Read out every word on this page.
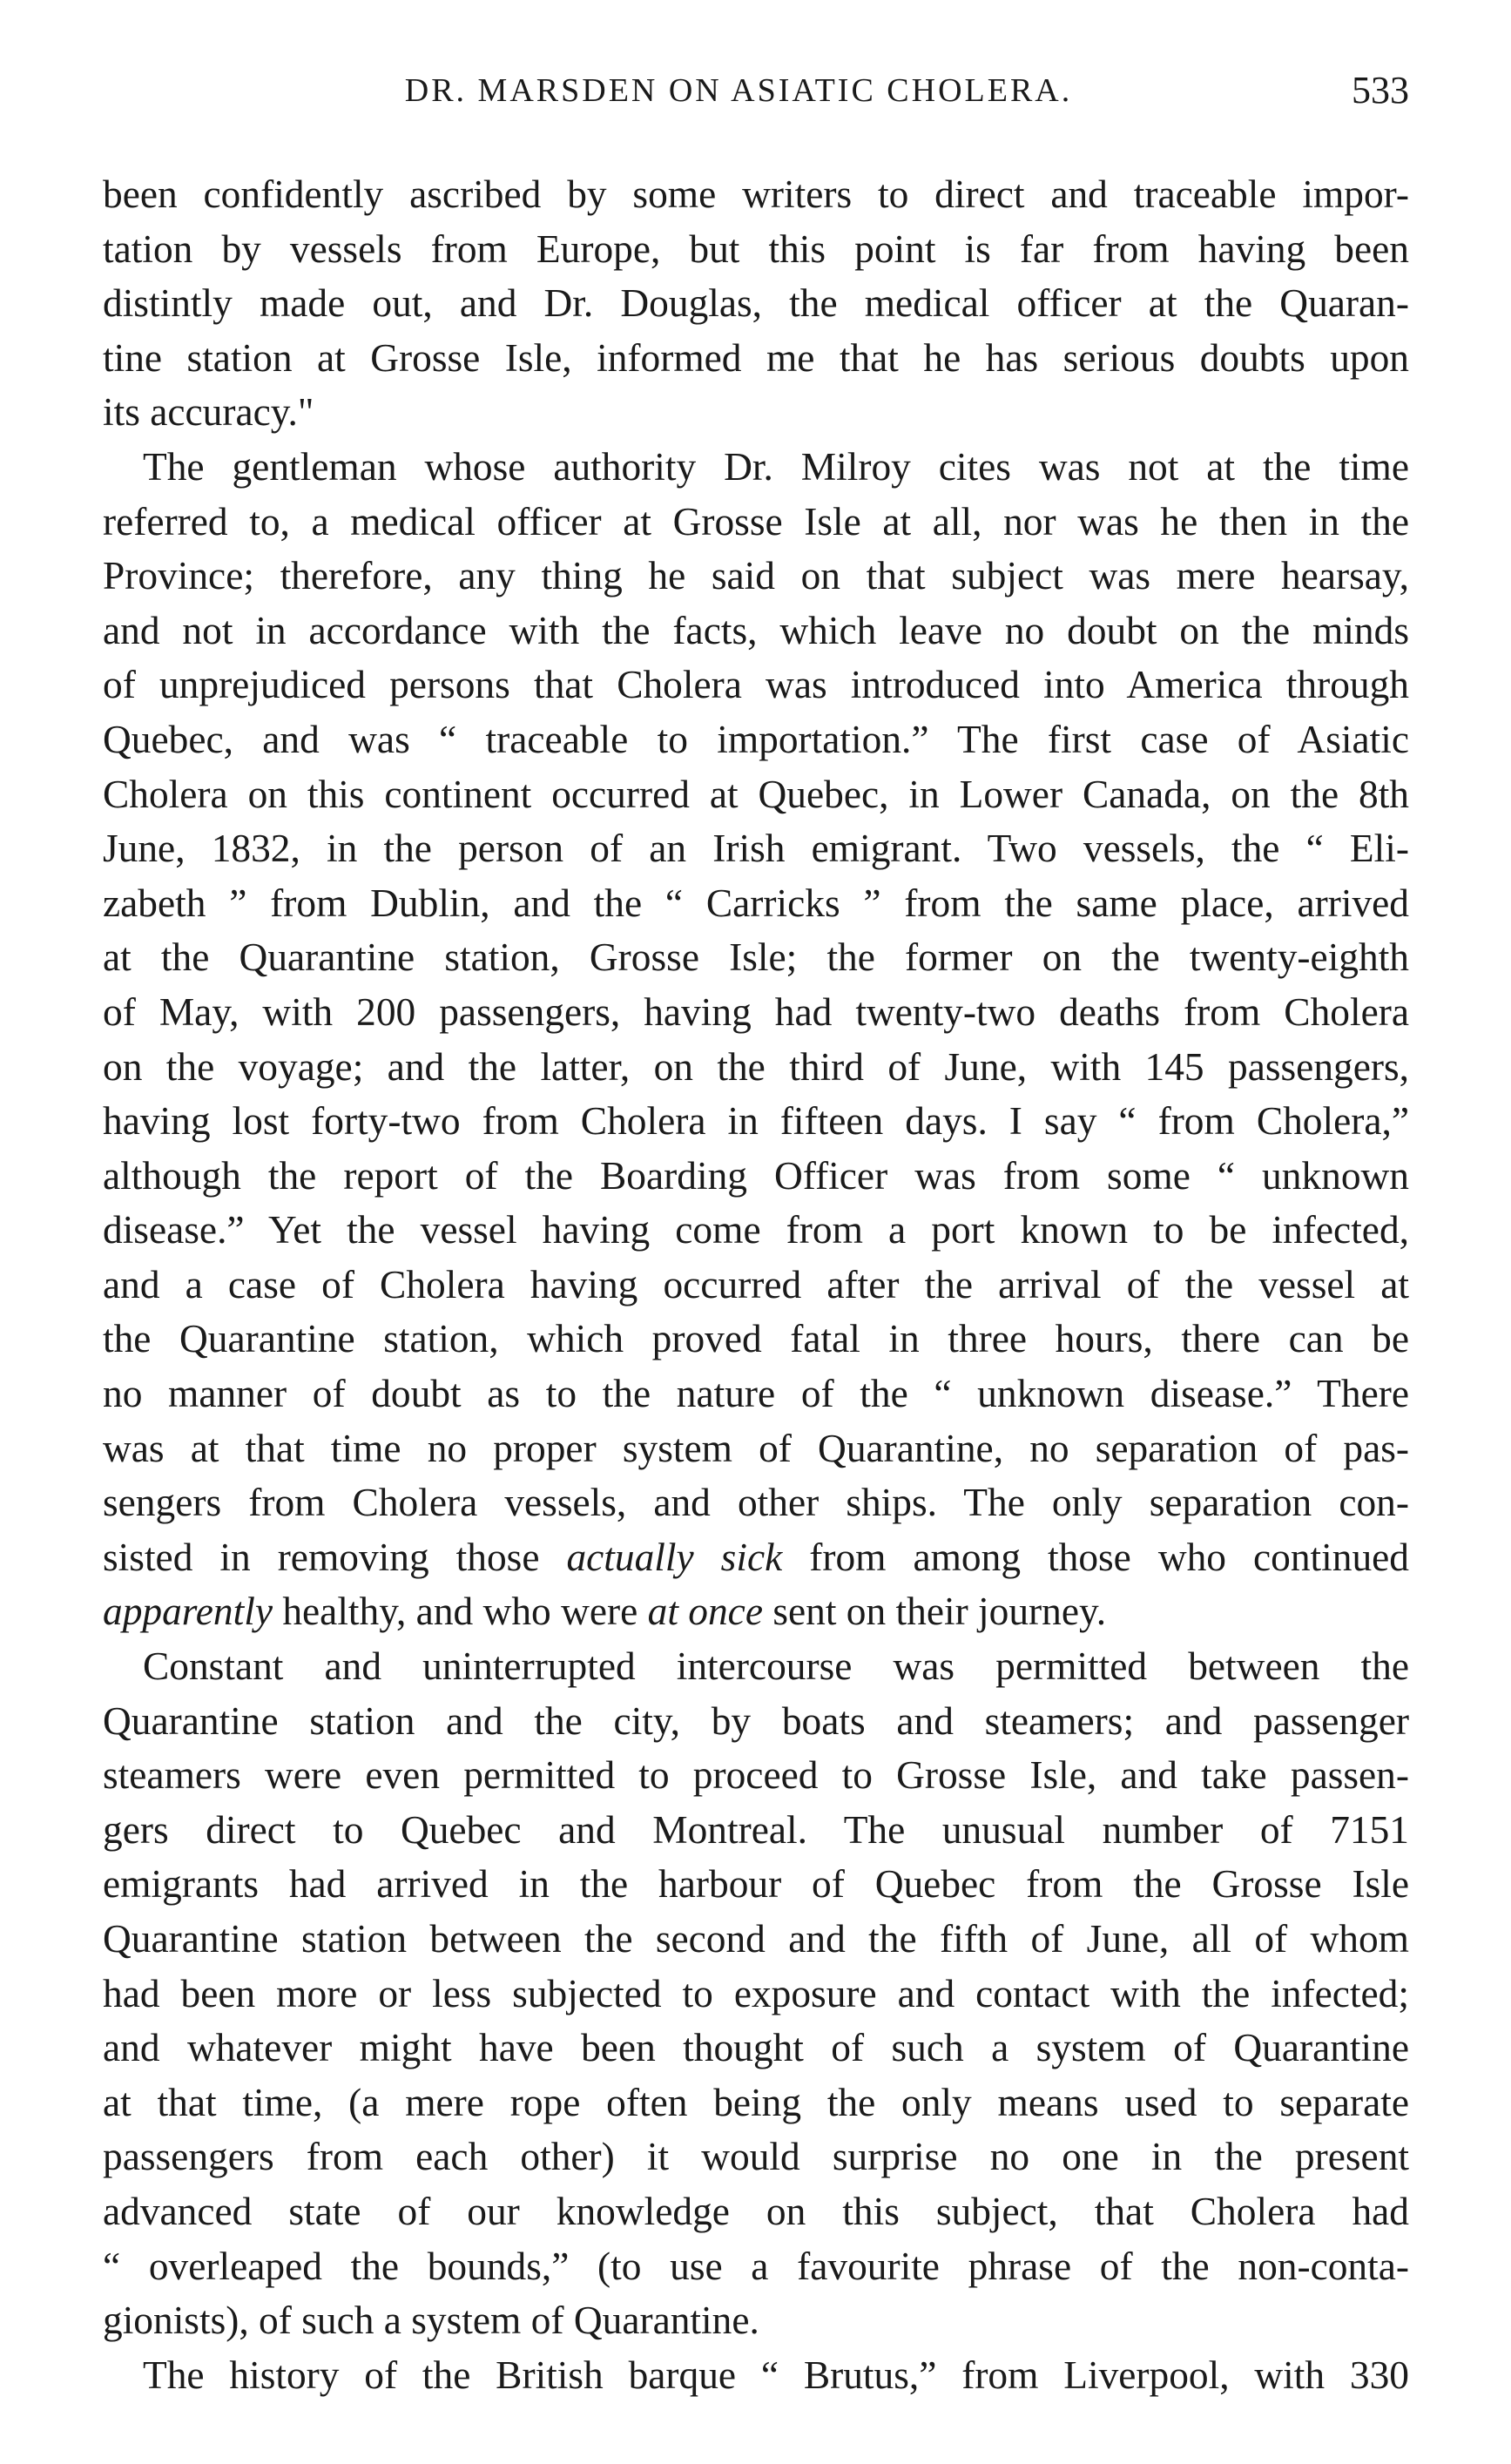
DR. MARSDEN ON ASIATIC CHOLERA.	533
been confidently ascribed by some writers to direct and traceable impor-
tation by vessels from Europe, but this point is far from having been
distintly made out, and Dr. Douglas, the medical officer at the Quaran-
tine station at Grosse Isle, informed me that he has serious doubts upon
its accuracy."
The gentleman whose authority Dr. Milroy cites was not at the time
referred to, a medical officer at Grosse Isle at all, nor was he then in the
Province; therefore, any thing he said on that subject was mere hearsay,
and not in accordance with the facts, which leave no doubt on the minds
of unprejudiced persons that Cholera was introduced into America through
Quebec, and was “ traceable to importation.” The first case of Asiatic
Cholera on this continent occurred at Quebec, in Lower Canada, on the 8th
June, 1832, in the person of an Irish emigrant. Two vessels, the “ Eli-
zabeth ” from Dublin, and the “ Carricks ” from the same place, arrived
at the Quarantine station, Grosse Isle; the former on the twenty-eighth
of May, with 200 passengers, having had twenty-two deaths from Cholera
on the voyage; and the latter, on the third of June, with 145 passengers,
having lost forty-two from Cholera in fifteen days. I say “ from Cholera,”
although the report of the Boarding Officer was from some “ unknown
disease.” Yet the vessel having come from a port known to be infected,
and a case of Cholera having occurred after the arrival of the vessel at
the Quarantine station, which proved fatal in three hours, there can be
no manner of doubt as to the nature of the “ unknown disease.” There
was at that time no proper system of Quarantine, no separation of pas-
sengers from Cholera vessels, and other ships. The only separation con-
sisted in removing those actually sick from among those who continued
apparently healthy, and who were at once sent on their journey.
Constant and uninterrupted intercourse was permitted between the
Quarantine station and the city, by boats and steamers; and passenger
steamers were even permitted to proceed to Grosse Isle, and take passen-
gers direct to Quebec and Montreal. The unusual number of 7151
emigrants had arrived in the harbour of Quebec from the Grosse Isle
Quarantine station between the second and the fifth of June, all of whom
had been more or less subjected to exposure and contact with the infected;
and whatever might have been thought of such a system of Quarantine
at that time, (a mere rope often being the only means used to separate
passengers from each other) it would surprise no one in the present
advanced state of our knowledge on this subject, that Cholera had
“ overleaped the bounds,” (to use a favourite phrase of the non-conta-
gionists), of such a system of Quarantine.
The history of the British barque “ Brutus,” from Liverpool, with 330
